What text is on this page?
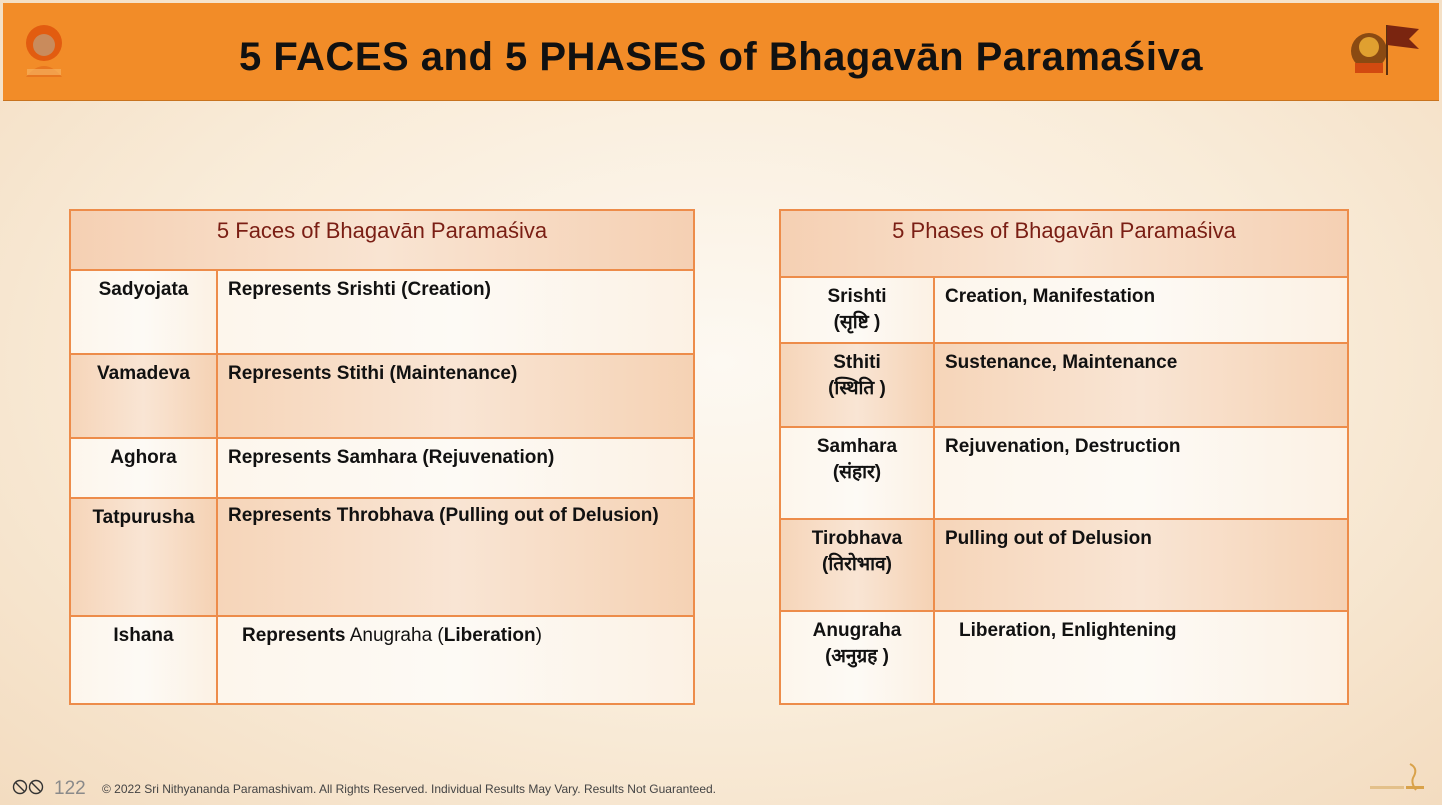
5 FACES and 5 PHASES of Bhagavān Paramaśiva
5 Faces of Bhagavān Paramaśiva	
Sadyojata	Represents Srishti (Creation)
Vamadeva	Represents Stithi (Maintenance)
Aghora	Represents Samhara (Rejuvenation)
Tatpurusha	Represents Throbhava (Pulling out of Delusion)
Ishana	Represents Anugraha (Liberation)
5 Phases of Bhagavān Paramaśiva	

Srishti
(सृष्टि )	Creation, Manifestation

Sthiti
(स्थिति )	Sustenance, Maintenance

Samhara
(संहार)	Rejuvenation, Destruction

Tirobhava
(तिरोभाव)	Pulling out of Delusion

Anugraha
(अनुग्रह )	Liberation, Enlightening
122 © 2022 Sri Nithyananda Paramashivam. All Rights Reserved. Individual Results May Vary. Results Not Guaranteed.
